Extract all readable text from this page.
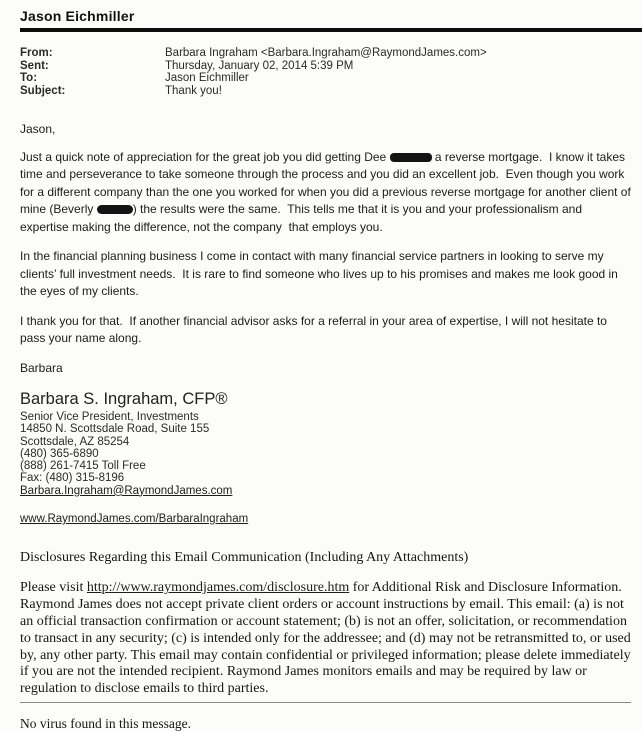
Jason Eichmiller
From:	Barbara Ingraham <Barbara.Ingraham@RaymondJames.com>
Sent:	Thursday, January 02, 2014 5:39 PM
To:	Jason Eichmiller
Subject:	Thank you!

Jason,

Just a quick note of appreciation for the great job you did getting Dee	a reverse mortgage.  I know it takes time and perseverance to take someone through the process and you did an excellent job.  Even though you work for a different company than the one you worked for when you did a previous reverse mortgage for another client of mine (Beverly	) the results were the same.  This tells me that it is you and your professionalism and expertise making the difference, not the company  that employs you.

In the financial planning business I come in contact with many financial service partners in looking to serve my clients’ full investment needs.  It is rare to find someone who lives up to his promises and makes me look good in the eyes of my clients.

I thank you for that.  If another financial advisor asks for a referral in your area of expertise, I will not hesitate to pass your name along.

Barbara

Barbara S. Ingraham, CFP®
Senior Vice President, Investments
14850 N. Scottsdale Road, Suite 155
Scottsdale, AZ 85254
(480) 365-6890
(888) 261-7415 Toll Free
Fax: (480) 315-8196
Barbara.Ingraham@RaymondJames.com
www.RaymondJames.com/BarbaraIngraham
Disclosures Regarding this Email Communication (Including Any Attachments)
Please visit http://www.raymondjames.com/disclosure.htm for Additional Risk and Disclosure Information. Raymond James does not accept private client orders or account instructions by email. This email: (a) is not an official transaction confirmation or account statement; (b) is not an offer, solicitation, or recommendation to transact in any security; (c) is intended only for the addressee; and (d) may not be retransmitted to, or used by, any other party. This email may contain confidential or privileged information; please delete immediately if you are not the intended recipient. Raymond James monitors emails and may be required by law or regulation to disclose emails to third parties.
No virus found in this message.
